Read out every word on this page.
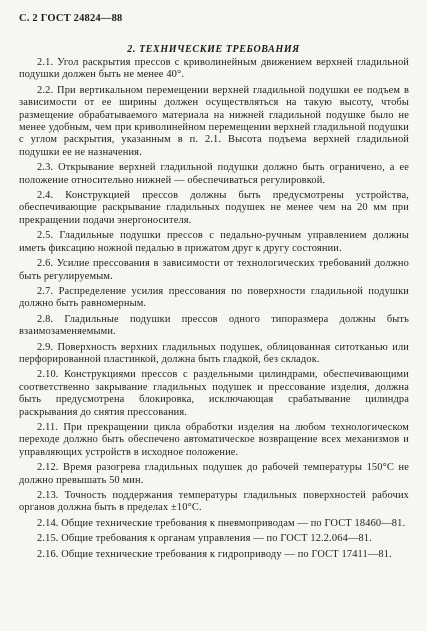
С. 2 ГОСТ 24824—88
2. ТЕХНИЧЕСКИЕ ТРЕБОВАНИЯ

2.1. Угол раскрытия прессов с криволинейным движением верхней гладильной подушки должен быть не менее 40°.

2.2. При вертикальном перемещении верхней гладильной подушки ее подъем в зависимости от ее ширины должен осуществляться на такую высоту, чтобы размещение обрабатываемого материала на нижней гладильной подушке было не менее удобным, чем при криволинейном перемещении верхней гладильной подушки с углом раскрытия, указанным в п. 2.1. Высота подъема верхней гладильной подушки ее не назначения.

2.3. Открывание верхней гладильной подушки должно быть ограничено, а ее положение относительно нижней — обеспечиваться регулировкой.

2.4. Конструкцией прессов должны быть предусмотрены устройства, обеспечивающие раскрывание гладильных подушек не менее чем на 20 мм при прекращении подачи энергоносителя.

2.5. Гладильные подушки прессов с педально-ручным управлением должны иметь фиксацию ножной педалью в прижатом друг к другу состоянии.

2.6. Усилие прессования в зависимости от технологических требований должно быть регулируемым.

2.7. Распределение усилия прессования по поверхности гладильной подушки должно быть равномерным.

2.8. Гладильные подушки прессов одного типоразмера должны быть взаимозаменяемыми.

2.9. Поверхность верхних гладильных подушек, облицованная ситотканью или перфорированной пластинкой, должна быть гладкой, без складок.

2.10. Конструкциями прессов с раздельными цилиндрами, обеспечивающими соответственно закрывание гладильных подушек и прессование изделия, должна быть предусмотрена блокировка, исключающая срабатывание цилиндра раскрывания до снятия прессования.

2.11. При прекращении цикла обработки изделия на любом технологическом переходе должно быть обеспечено автоматическое возвращение всех механизмов и управляющих устройств в исходное положение.

2.12. Время разогрева гладильных подушек до рабочей температуры 150°С не должно превышать 50 мин.

2.13. Точность поддержания температуры гладильных поверхностей рабочих органов должна быть в пределах ±10°С.

2.14. Общие технические требования к пневмоприводам — по ГОСТ 18460—81.

2.15. Общие требования к органам управления — по ГОСТ 12.2.064—81.

2.16. Общие технические требования к гидроприводу — по ГОСТ 17411—81.
